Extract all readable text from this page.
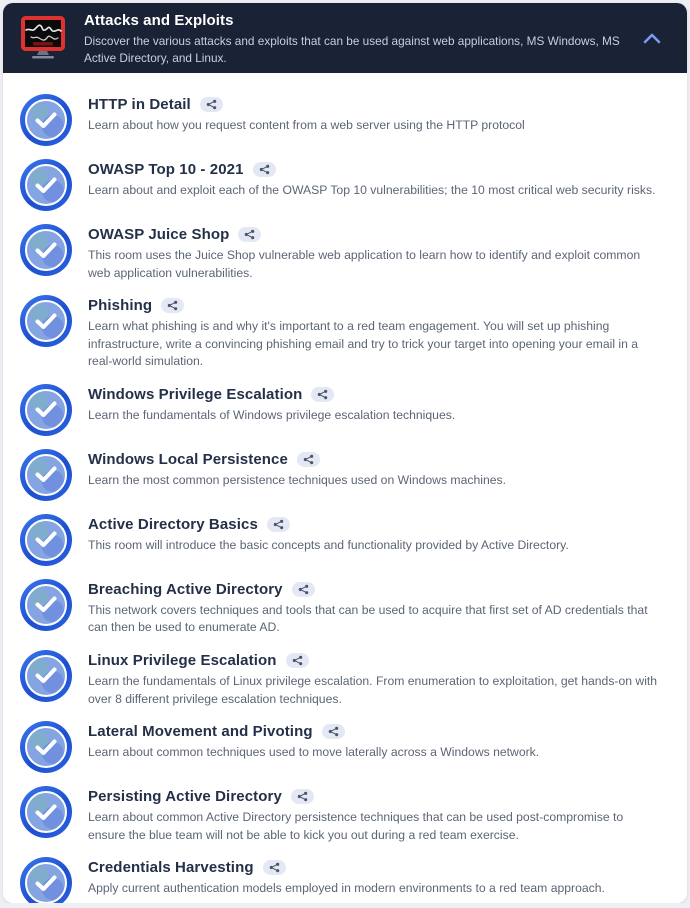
Attacks and Exploits
Discover the various attacks and exploits that can be used against web applications, MS Windows, MS Active Directory, and Linux.
HTTP in Detail
Learn about how you request content from a web server using the HTTP protocol
OWASP Top 10 - 2021
Learn about and exploit each of the OWASP Top 10 vulnerabilities; the 10 most critical web security risks.
OWASP Juice Shop
This room uses the Juice Shop vulnerable web application to learn how to identify and exploit common web application vulnerabilities.
Phishing
Learn what phishing is and why it's important to a red team engagement. You will set up phishing infrastructure, write a convincing phishing email and try to trick your target into opening your email in a real-world simulation.
Windows Privilege Escalation
Learn the fundamentals of Windows privilege escalation techniques.
Windows Local Persistence
Learn the most common persistence techniques used on Windows machines.
Active Directory Basics
This room will introduce the basic concepts and functionality provided by Active Directory.
Breaching Active Directory
This network covers techniques and tools that can be used to acquire that first set of AD credentials that can then be used to enumerate AD.
Linux Privilege Escalation
Learn the fundamentals of Linux privilege escalation. From enumeration to exploitation, get hands-on with over 8 different privilege escalation techniques.
Lateral Movement and Pivoting
Learn about common techniques used to move laterally across a Windows network.
Persisting Active Directory
Learn about common Active Directory persistence techniques that can be used post-compromise to ensure the blue team will not be able to kick you out during a red team exercise.
Credentials Harvesting
Apply current authentication models employed in modern environments to a red team approach.
